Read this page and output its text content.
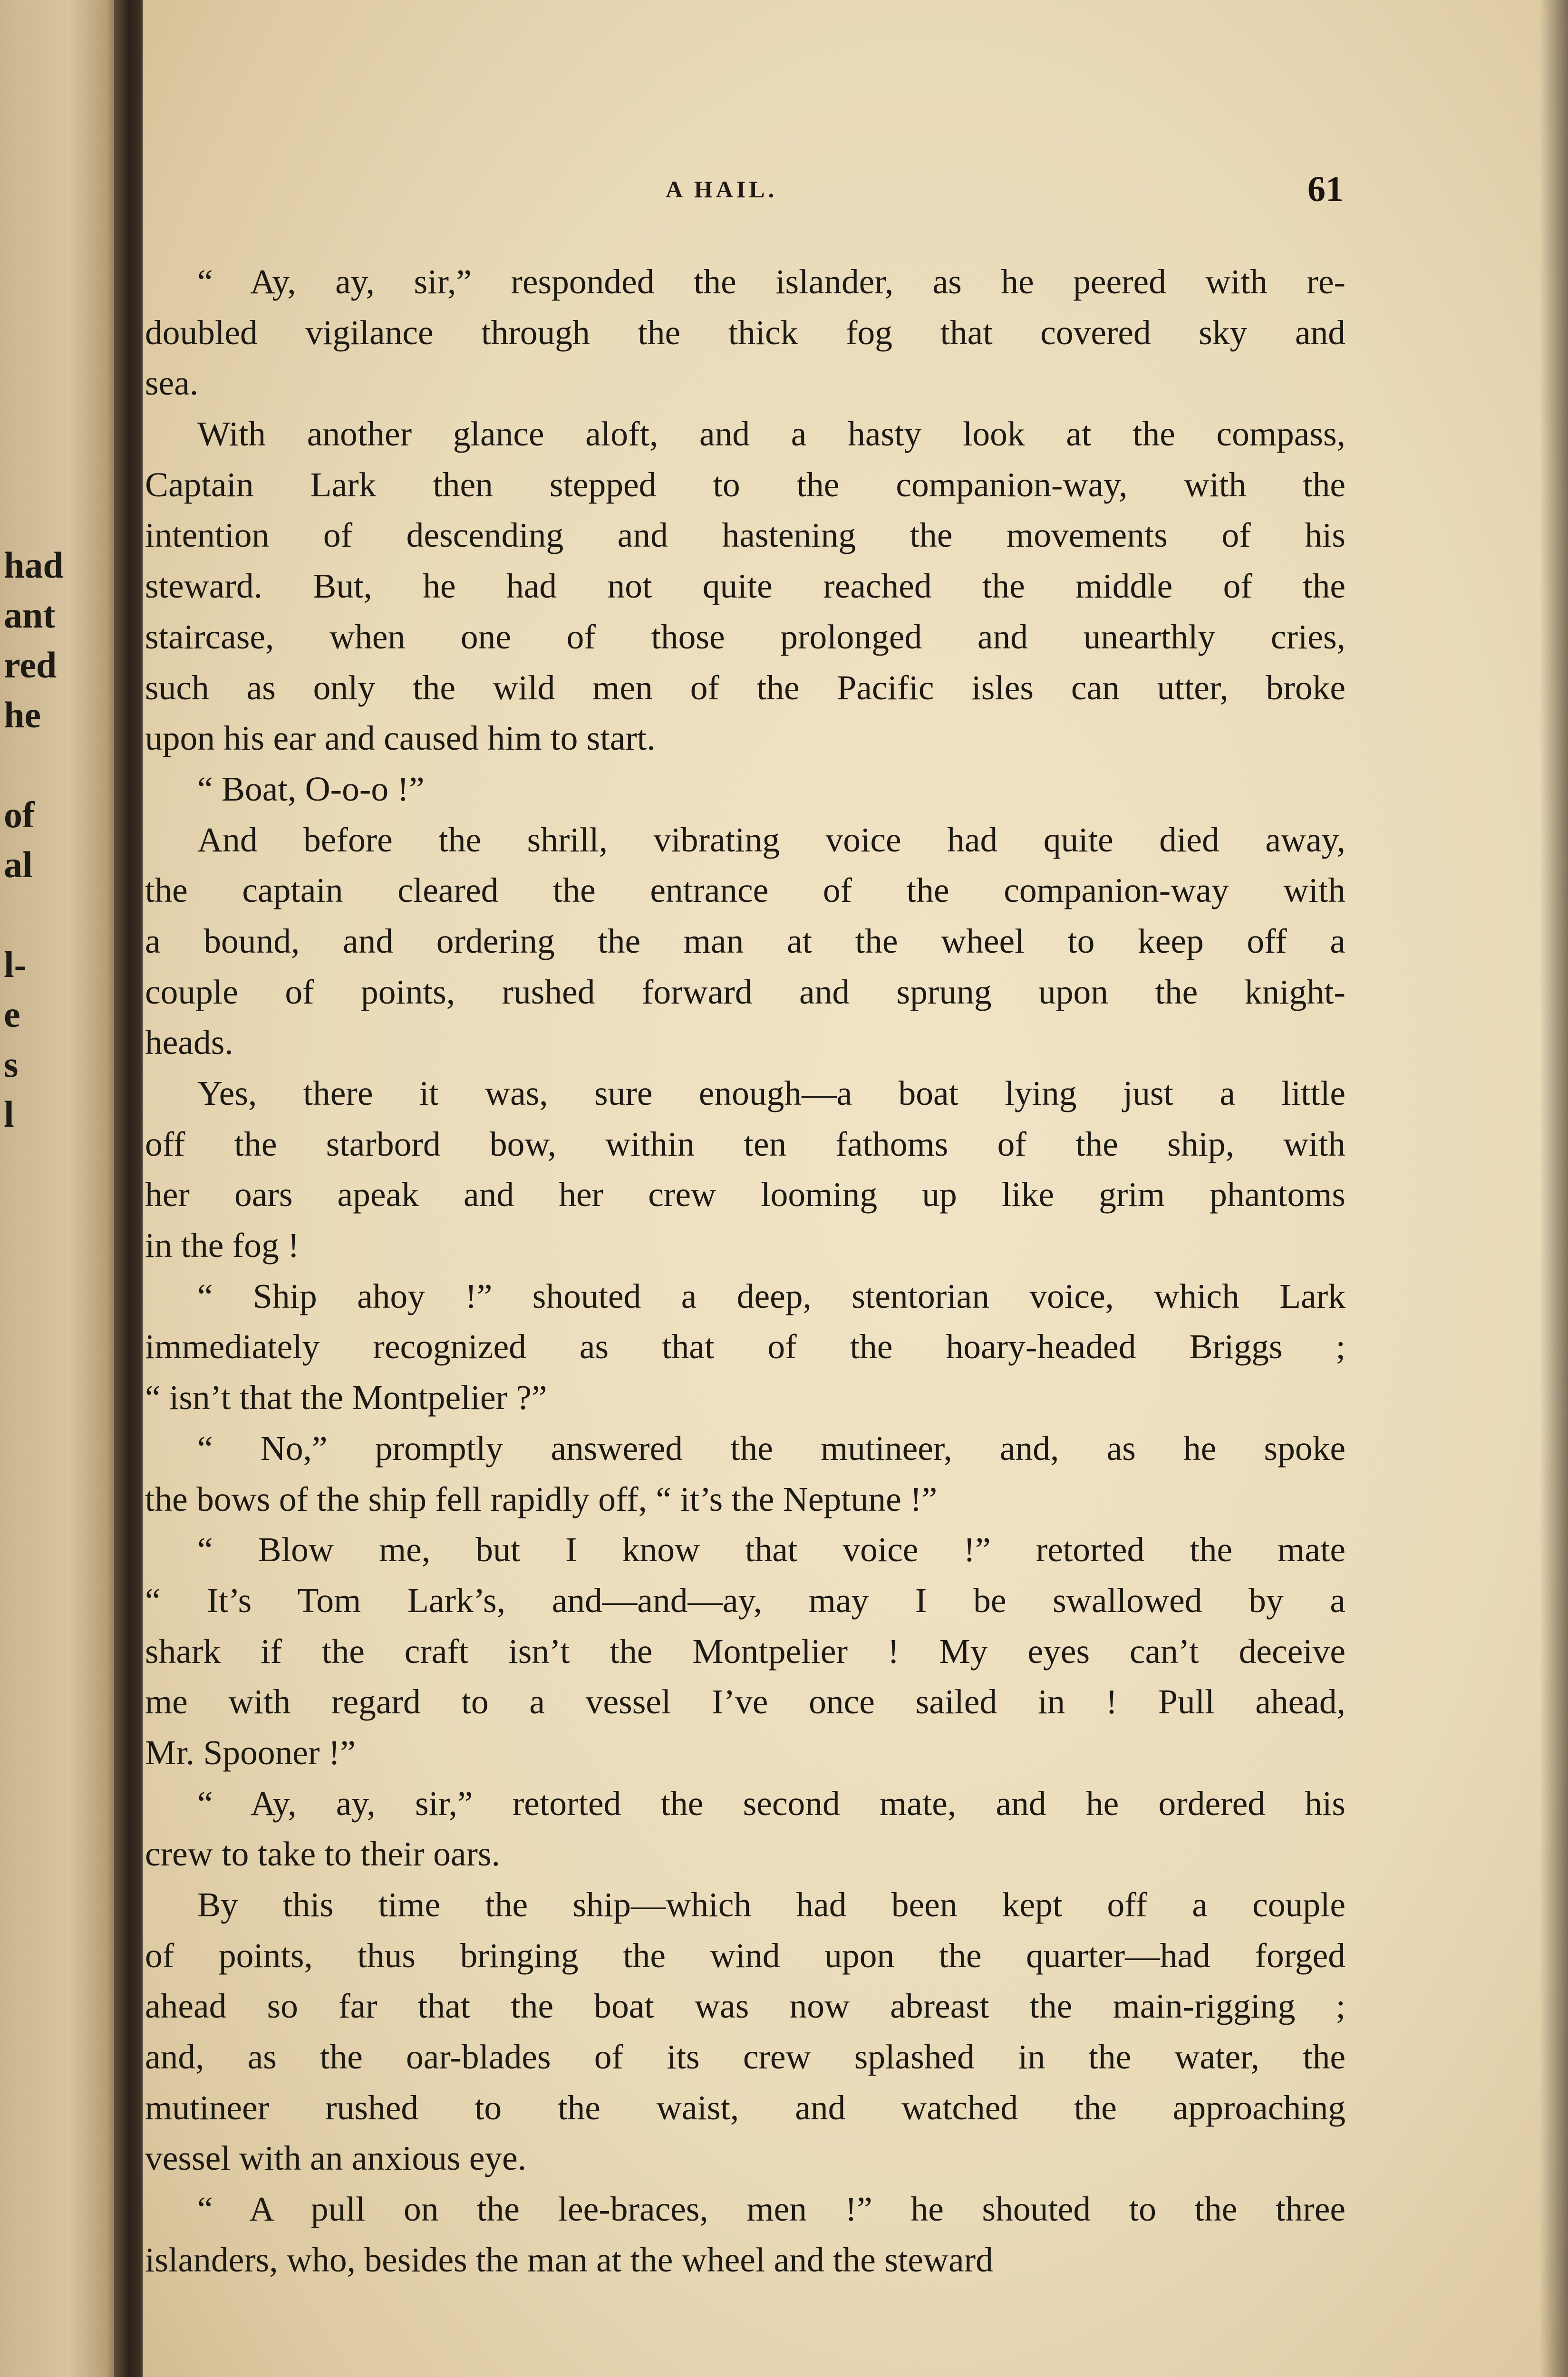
had
ant
red
he
of
al
l-
e
s
l
A HAIL.	61
“ Ay, ay, sir,” responded the islander, as he peered with re-
doubled vigilance through the thick fog that covered sky and
sea.
With another glance aloft, and a hasty look at the compass,
Captain Lark then stepped to the companion-way, with the
intention of descending and hastening the movements of his
steward. But, he had not quite reached the middle of the
staircase, when one of those prolonged and unearthly cries,
such as only the wild men of the Pacific isles can utter, broke
upon his ear and caused him to start.
“ Boat, O-o-o !”
And before the shrill, vibrating voice had quite died away,
the captain cleared the entrance of the companion-way with
a bound, and ordering the man at the wheel to keep off a
couple of points, rushed forward and sprung upon the knight-
heads.
Yes, there it was, sure enough—a boat lying just a little
off the starbord bow, within ten fathoms of the ship, with
her oars apeak and her crew looming up like grim phantoms
in the fog !
“ Ship ahoy !” shouted a deep, stentorian voice, which Lark
immediately recognized as that of the hoary-headed Briggs ;
“ isn’t that the Montpelier ?”
“ No,” promptly answered the mutineer, and, as he spoke
the bows of the ship fell rapidly off, “ it’s the Neptune !”
“ Blow me, but I know that voice !” retorted the mate
“ It’s Tom Lark’s, and—and—ay, may I be swallowed by a
shark if the craft isn’t the Montpelier ! My eyes can’t deceive
me with regard to a vessel I’ve once sailed in ! Pull ahead,
Mr. Spooner !”
“ Ay, ay, sir,” retorted the second mate, and he ordered his
crew to take to their oars.
By this time the ship—which had been kept off a couple
of points, thus bringing the wind upon the quarter—had forged
ahead so far that the boat was now abreast the main-rigging ;
and, as the oar-blades of its crew splashed in the water, the
mutineer rushed to the waist, and watched the approaching
vessel with an anxious eye.
“ A pull on the lee-braces, men !” he shouted to the three
islanders, who, besides the man at the wheel and the steward
